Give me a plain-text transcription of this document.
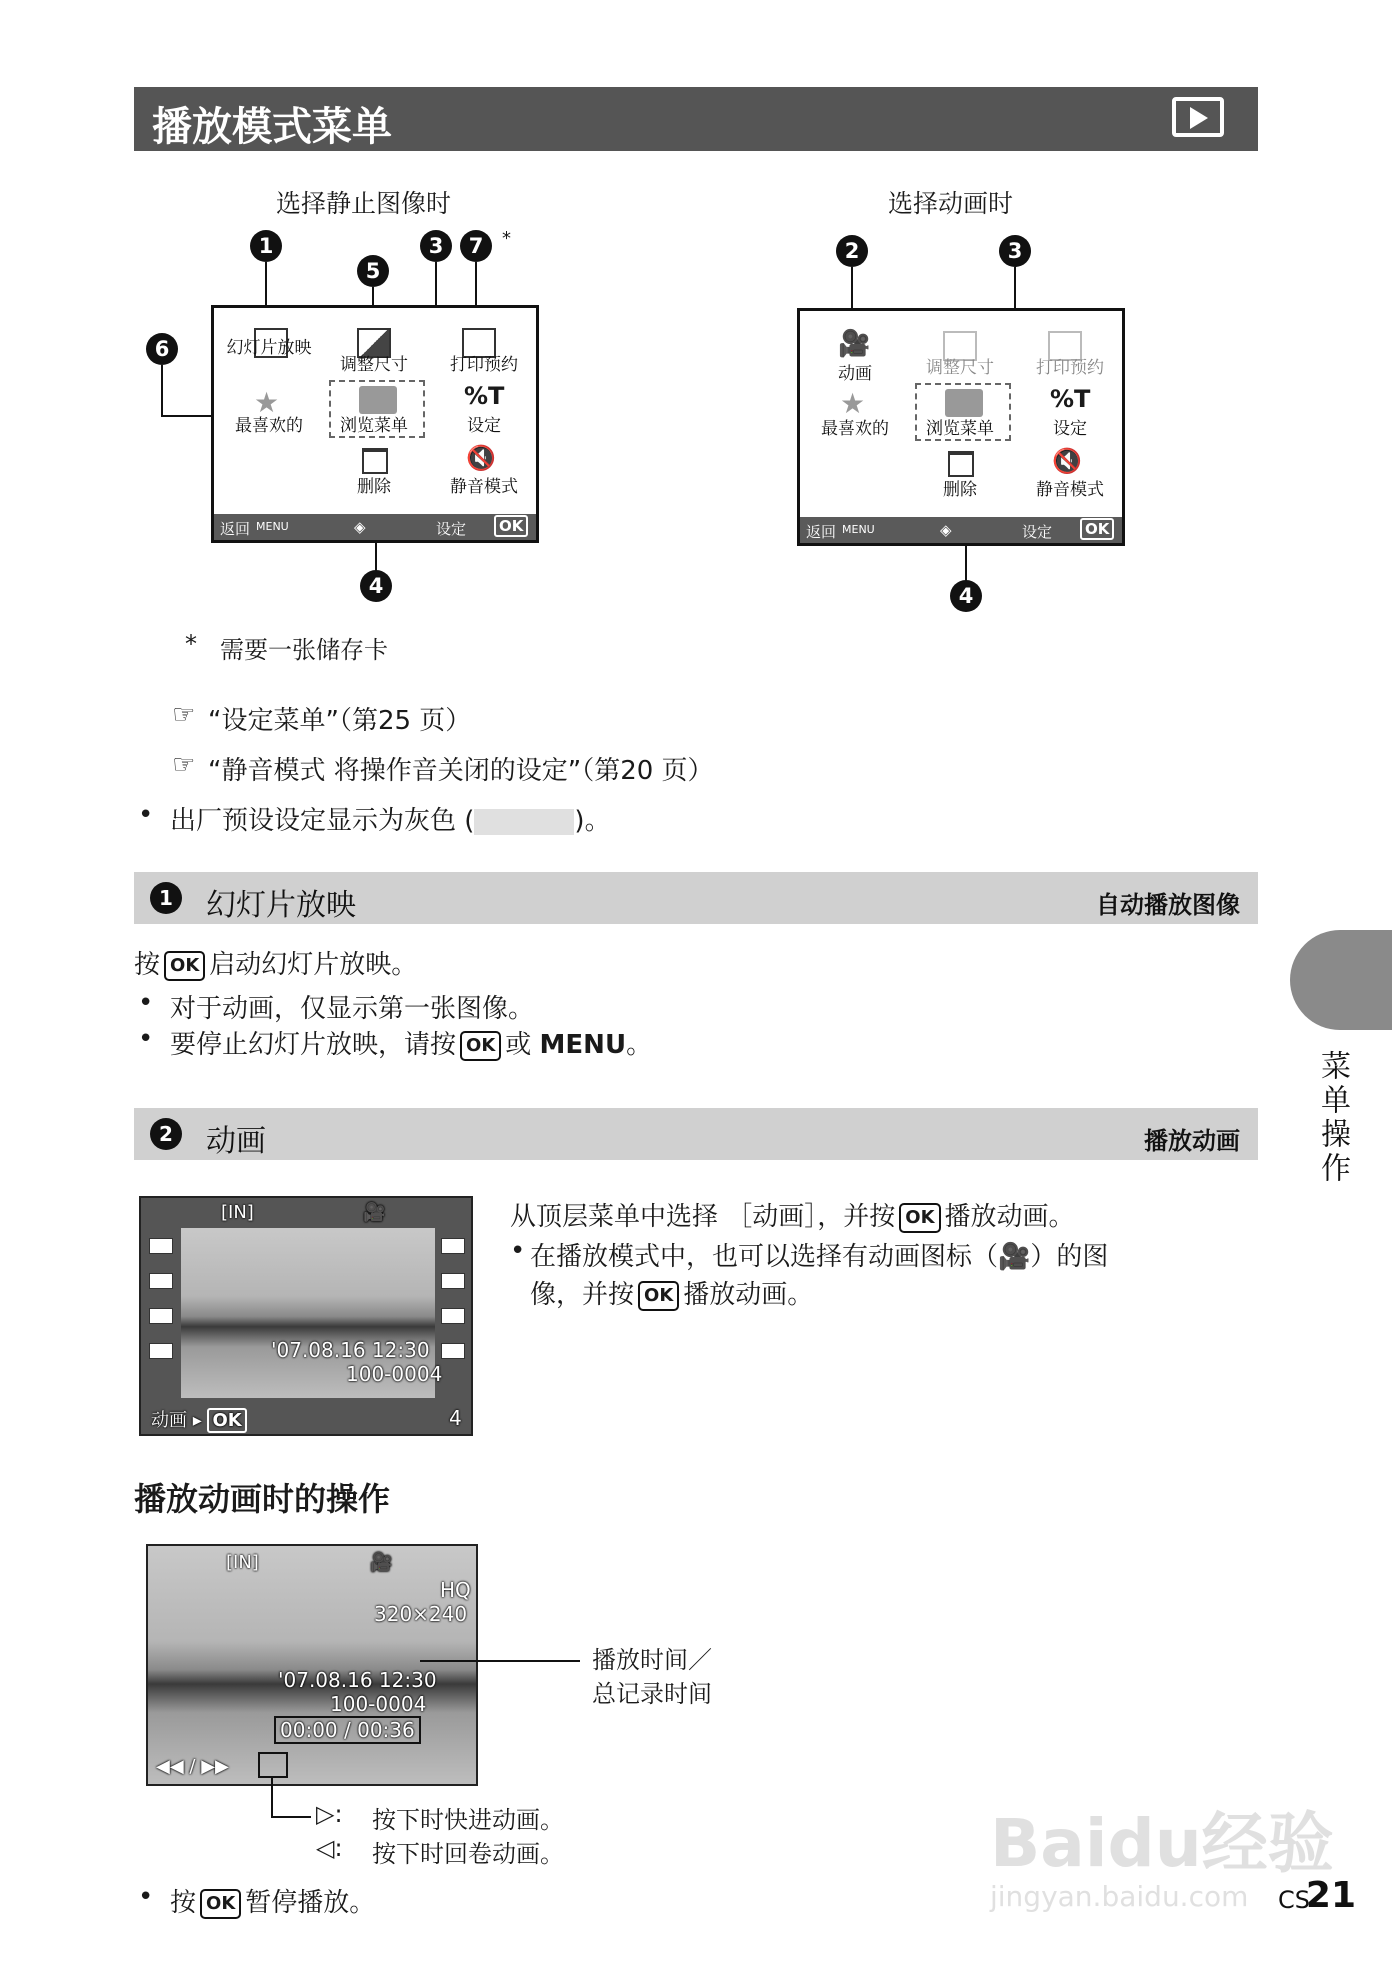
播放模式菜单
选择静止图像时
*
1
5
3	7
6
4
幻灯片放映
调整尺寸	打印预约
★
最喜欢的	浏览菜单
%T
设定
删除
🔇
静音模式
返回 MENU	◈	设定	OK
选择动画时
2	3
4
🎥
动画	调整尺寸	打印预约
★
最喜欢的	浏览菜单
%T
设定
删除
🔇
静音模式
返回 MENU	◈	设定	OK
* 需要一张储存卡
☞ “设定菜单”（第25 页）
☞ “静音模式 将操作音关闭的设定”（第20 页）
• 出厂预设设定显示为灰色 (	)。
1	幻灯片放映	自动播放图像
按 OK 启动幻灯片放映。
• 对于动画，仅显示第一张图像。
• 要停止幻灯片放映，请按 OK 或 MENU。
2	动画	播放动画
[IN]	🎥
'07.08.16 12:30
100-0004
动画 ▸ OK	4
从顶层菜单中选择 ［动画］，并按 OK 播放动画。
• 在播放模式中，也可以选择有动画图标（🎥）的图
像，并按 OK 播放动画。
播放动画时的操作
[IN]	🎥
HQ
320×240
'07.08.16 12:30
100-0004
00:00 / 00:36
◀◀ / ▶▶
播放时间／
总记录时间
▷: 按下时快进动画。
◁: 按下时回卷动画。
• 按 OK 暂停播放。
菜单操作
Baidu经验
jingyan.baidu.com CS
21
